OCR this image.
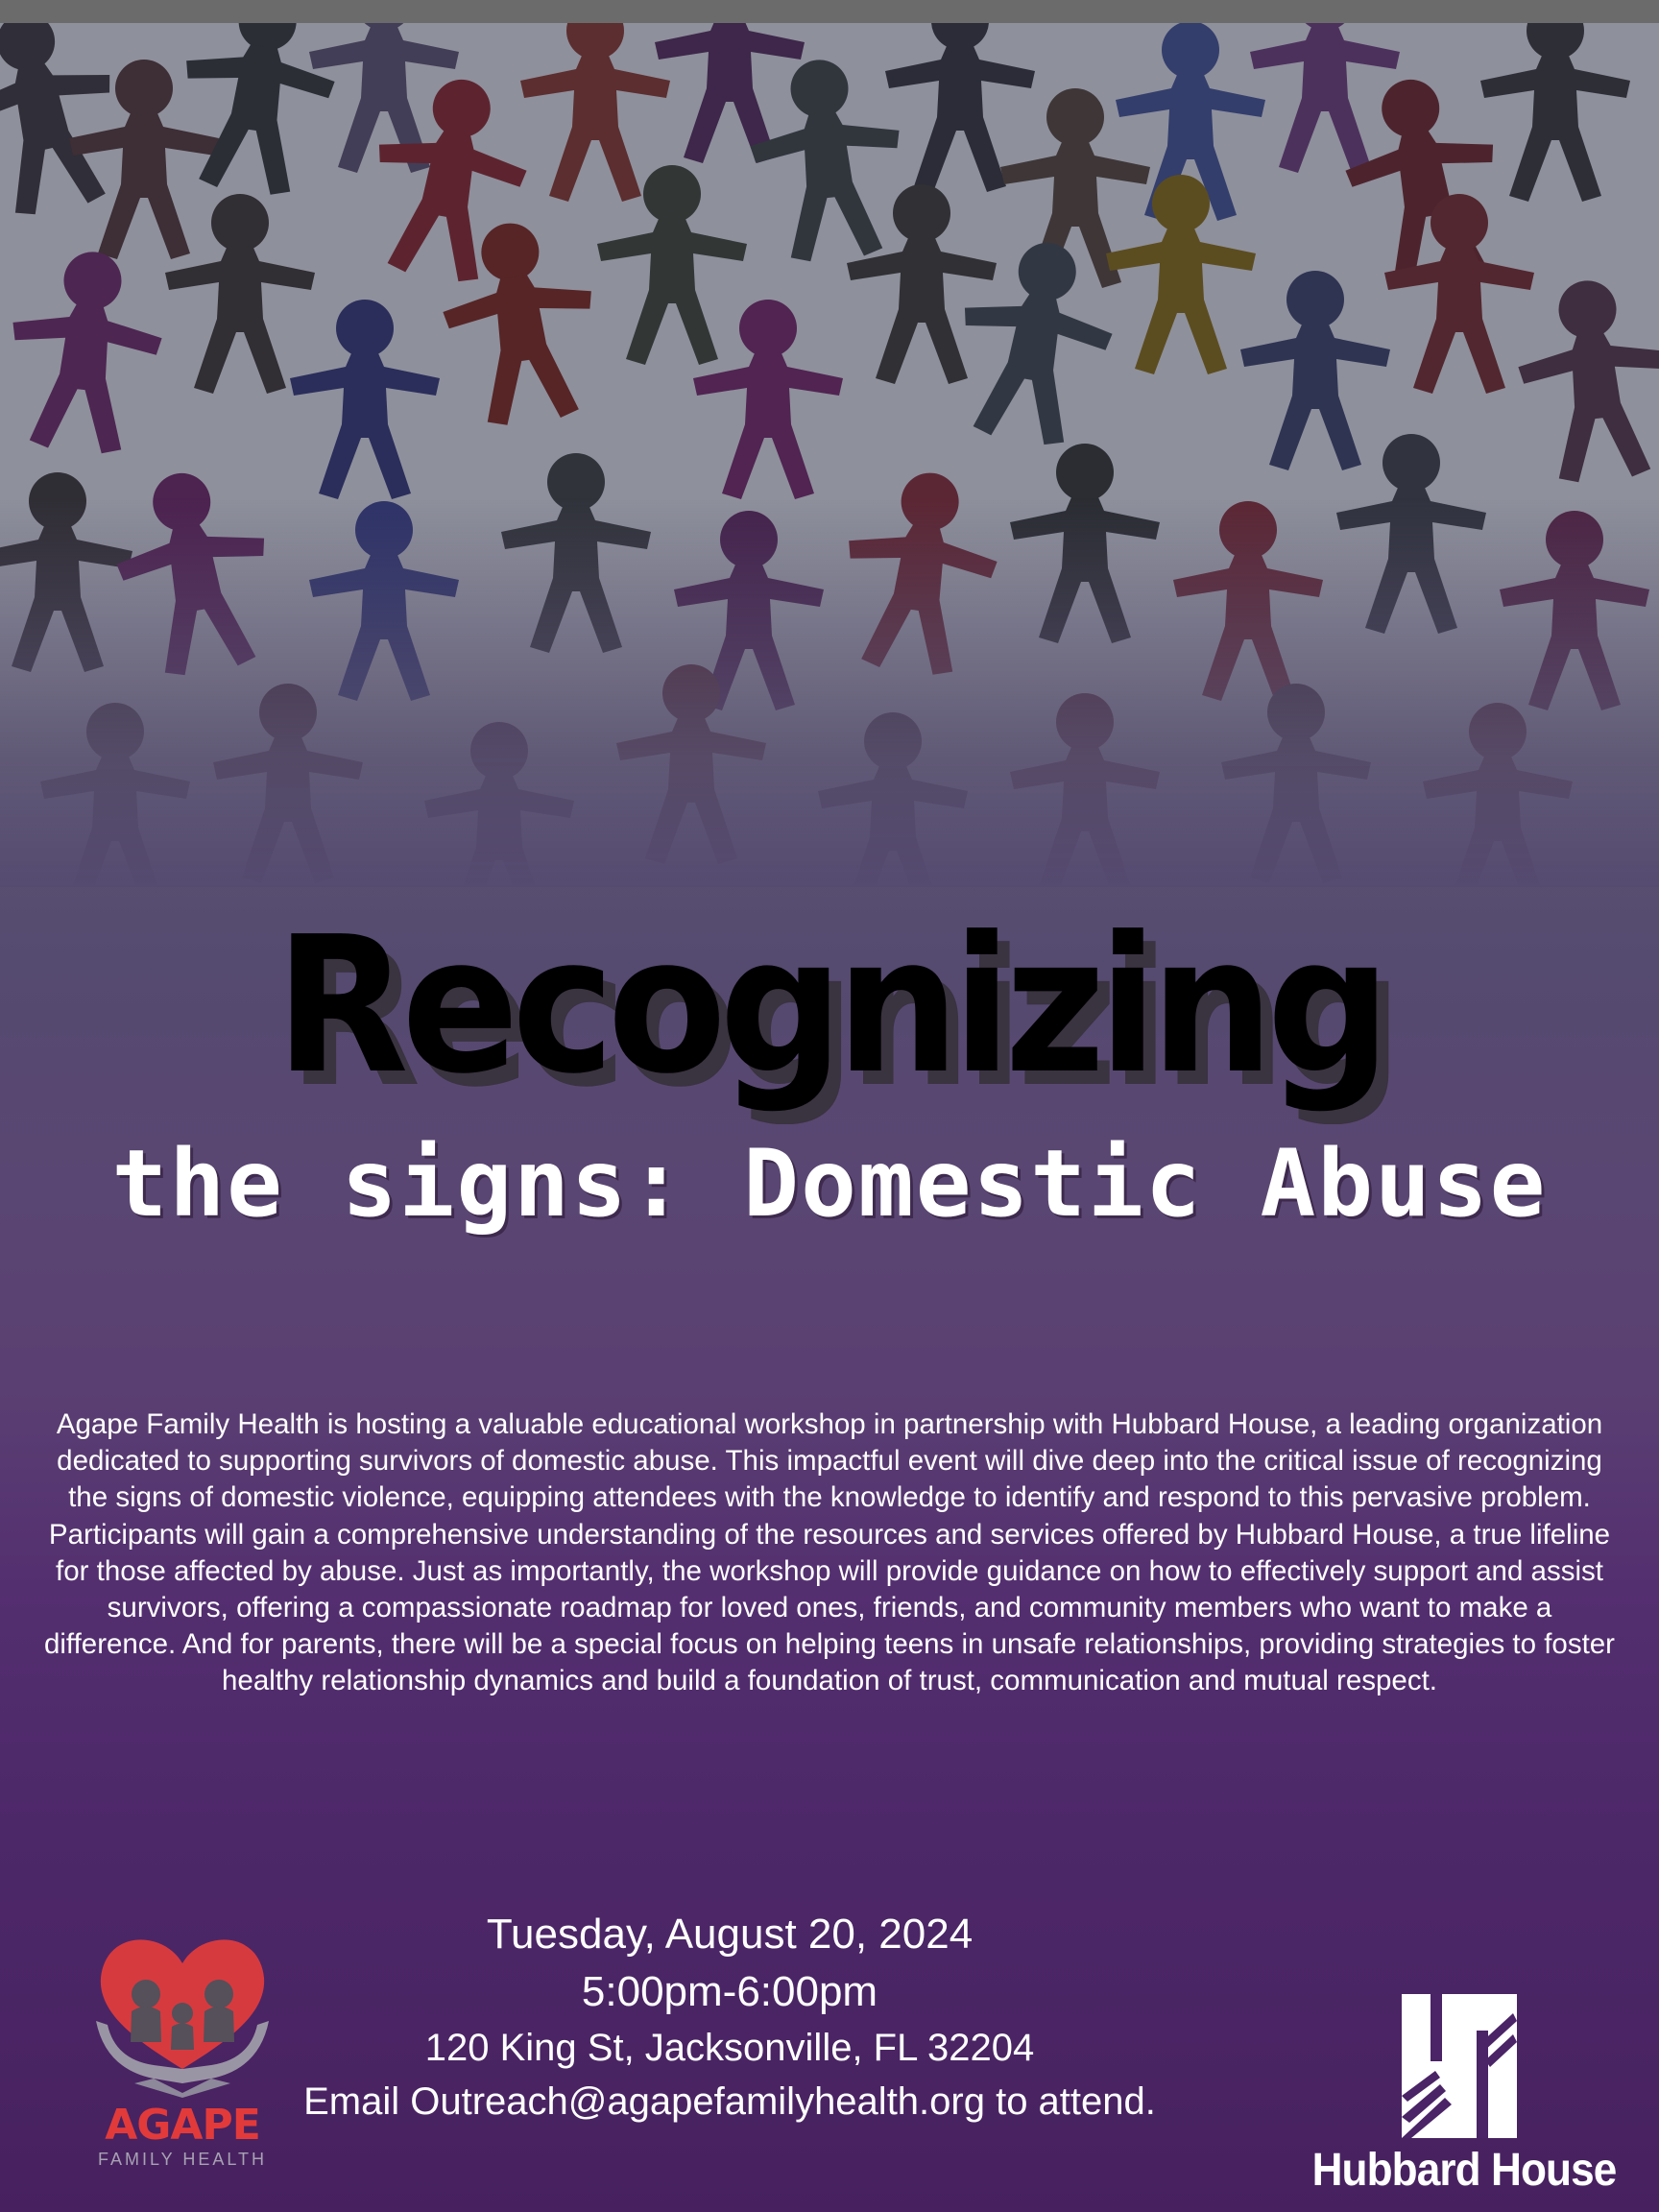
Recognizing
the signs: Domestic Abuse
Agape Family Health is hosting a valuable educational workshop in partnership with Hubbard House, a leading organization dedicated to supporting survivors of domestic abuse. This impactful event will dive deep into the critical issue of recognizing the signs of domestic violence, equipping attendees with the knowledge to identify and respond to this pervasive problem. Participants will gain a comprehensive understanding of the resources and services offered by Hubbard House, a true lifeline for those affected by abuse. Just as importantly, the workshop will provide guidance on how to effectively support and assist survivors, offering a compassionate roadmap for loved ones, friends, and community members who want to make a difference. And for parents, there will be a special focus on helping teens in unsafe relationships, providing strategies to foster healthy relationship dynamics and build a foundation of trust, communication and mutual respect.
Tuesday, August 20, 2024
5:00pm-6:00pm
120 King St, Jacksonville, FL 32204
Email Outreach@agapefamilyhealth.org to attend.
AGAPE
FAMILY HEALTH	Hubbard House
